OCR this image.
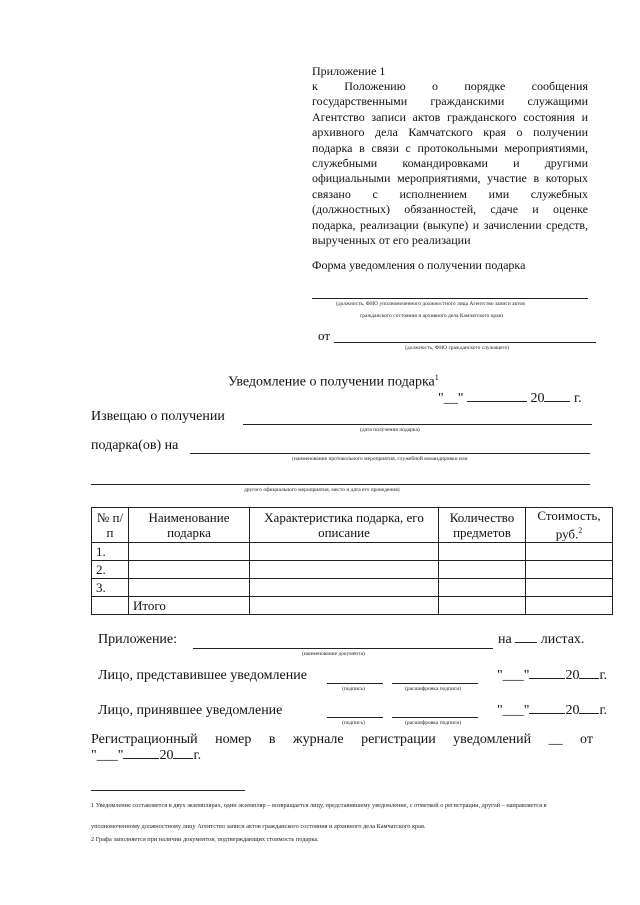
Приложение 1
к Положению о порядке сообщения государственными гражданскими служащими Агентство записи актов гражданского состояния и архивного дела Камчатского края о получении подарка в связи с протокольными мероприятиями, служебными командировками и другими официальными мероприятиями, участие в которых связано с исполнением ими служебных (должностных) обязанностей, сдаче и оценке подарка, реализации (выкупе) и зачислении средств, вырученных от его реализации
Форма уведомления о получении подарка
(должность, ФИО уполномоченного должностного лица Агентство записи актов
гражданского состояния и архивного дела Камчатского края)
от
(должность, ФИО гражданского служащего)
Уведомление о получении подарка$^1$
"__"	20 г.
Извещаю о получении
(дата получения подарка)
подарка(ов) на
(наименование протокольного мероприятия, служебной командировки или
другого официального мероприятия, место и дата его проведения)
№ п/п	Наименование подарка	Характеристика подарка, его описание	Количество предметов	Стоимость, руб.$^2$
1.				
2.				
3.				
	Итого			
Приложение:
(наименование документа)
на листах.
Лицо, представившее уведомление
(подпись)	(расшифровка подписи)
"___"	20 г.
Лицо, принявшее уведомление
(подпись)	(расшифровка подписи)
"___"	20 г.
Регистрационный номер в журнале регистрации уведомлений __ от
"___"	20 г.
1 Уведомление составляется в двух экземплярах, один экземпляр – возвращается лицу, представившему уведомление, с отметкой о регистрации, другой – направляется в
уполномоченному должностному лицу Агентство записи актов гражданского состояния и архивного дела Камчатского края.
2 Графа заполняется при наличии документов, подтверждающих стоимость подарка.
